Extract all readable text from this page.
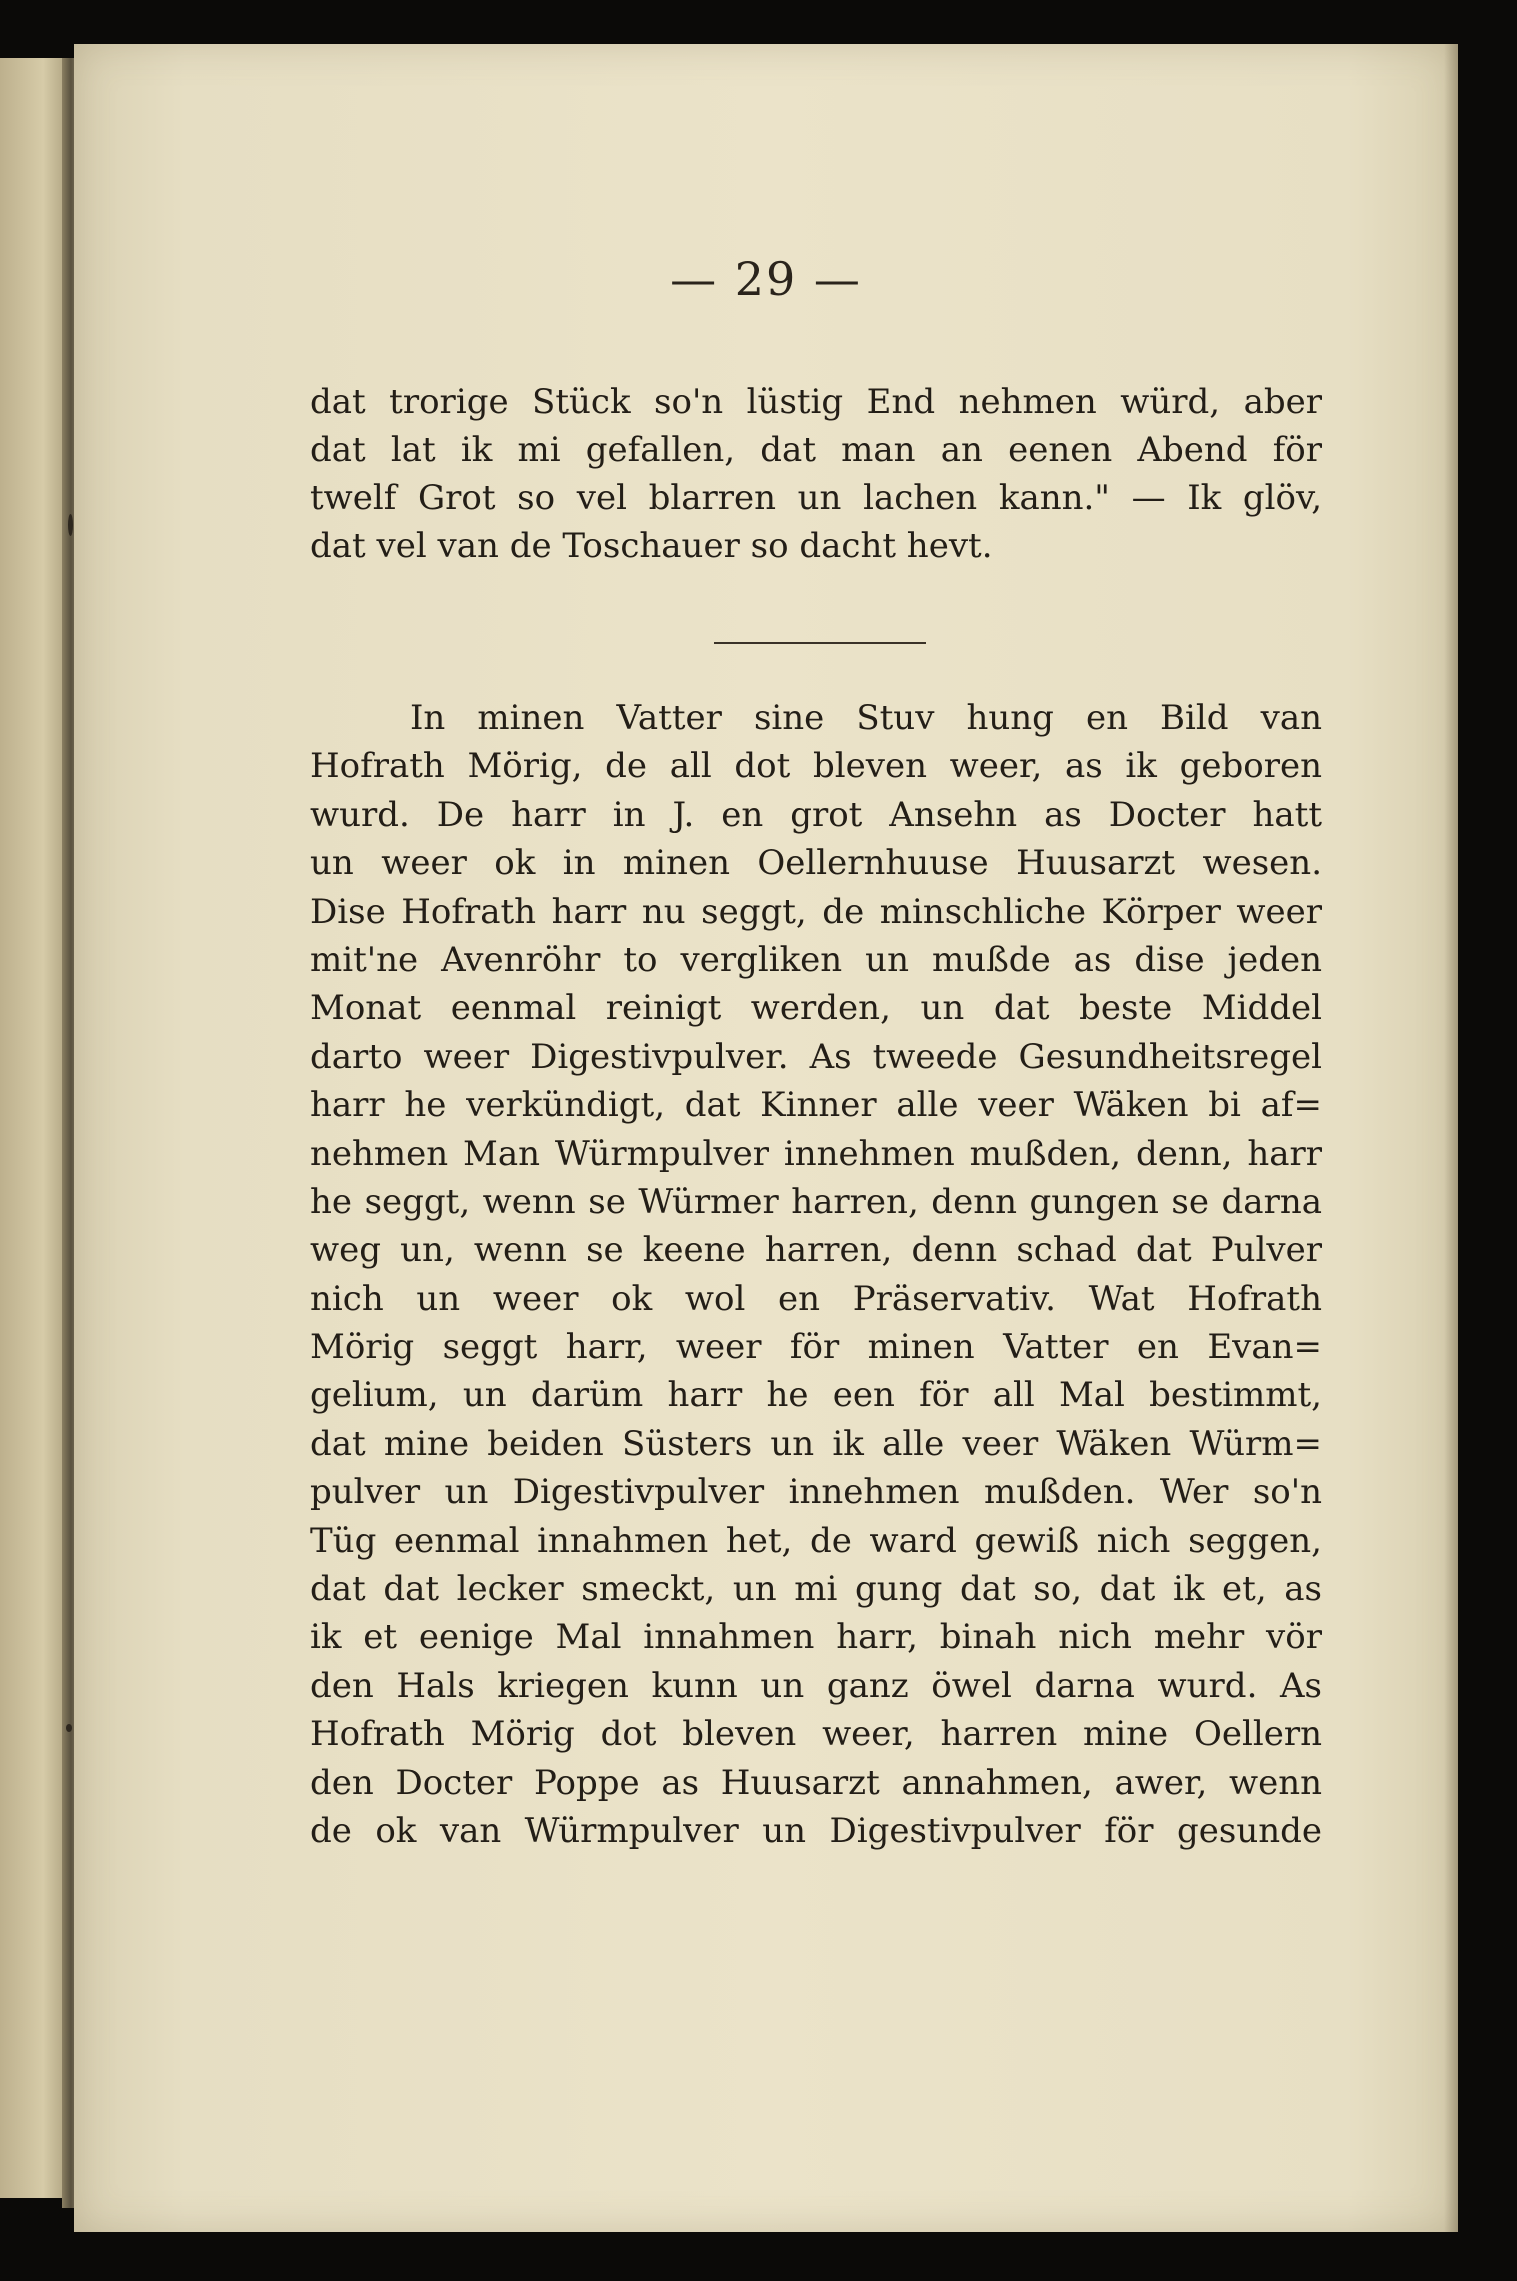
— 29 —

dat trorige Stück so'n lüstig End nehmen würd, aber
dat lat ik mi gefallen, dat man an eenen Abend för
twelf Grot so vel blarren un lachen kann." — Ik glöv,
dat vel van de Toschauer so dacht hevt.
In minen Vatter sine Stuv hung en Bild van
Hofrath Mörig, de all dot bleven weer, as ik geboren
wurd. De harr in J. en grot Ansehn as Docter hatt
un weer ok in minen Oellernhuuse Huusarzt wesen.
Dise Hofrath harr nu seggt, de minschliche Körper weer
mit'ne Avenröhr to vergliken un mußde as dise jeden
Monat eenmal reinigt werden, un dat beste Middel
darto weer Digestivpulver. As tweede Gesundheitsregel
harr he verkündigt, dat Kinner alle veer Wäken bi af=
nehmen Man Würmpulver innehmen mußden, denn, harr
he seggt, wenn se Würmer harren, denn gungen se darna
weg un, wenn se keene harren, denn schad dat Pulver
nich un weer ok wol en Präservativ. Wat Hofrath
Mörig seggt harr, weer för minen Vatter en Evan=
gelium, un darüm harr he een för all Mal bestimmt,
dat mine beiden Süsters un ik alle veer Wäken Würm=
pulver un Digestivpulver innehmen mußden. Wer so'n
Tüg eenmal innahmen het, de ward gewiß nich seggen,
dat dat lecker smeckt, un mi gung dat so, dat ik et, as
ik et eenige Mal innahmen harr, binah nich mehr vör
den Hals kriegen kunn un ganz öwel darna wurd. As
Hofrath Mörig dot bleven weer, harren mine Oellern
den Docter Poppe as Huusarzt annahmen, awer, wenn
de ok van Würmpulver un Digestivpulver för gesunde
